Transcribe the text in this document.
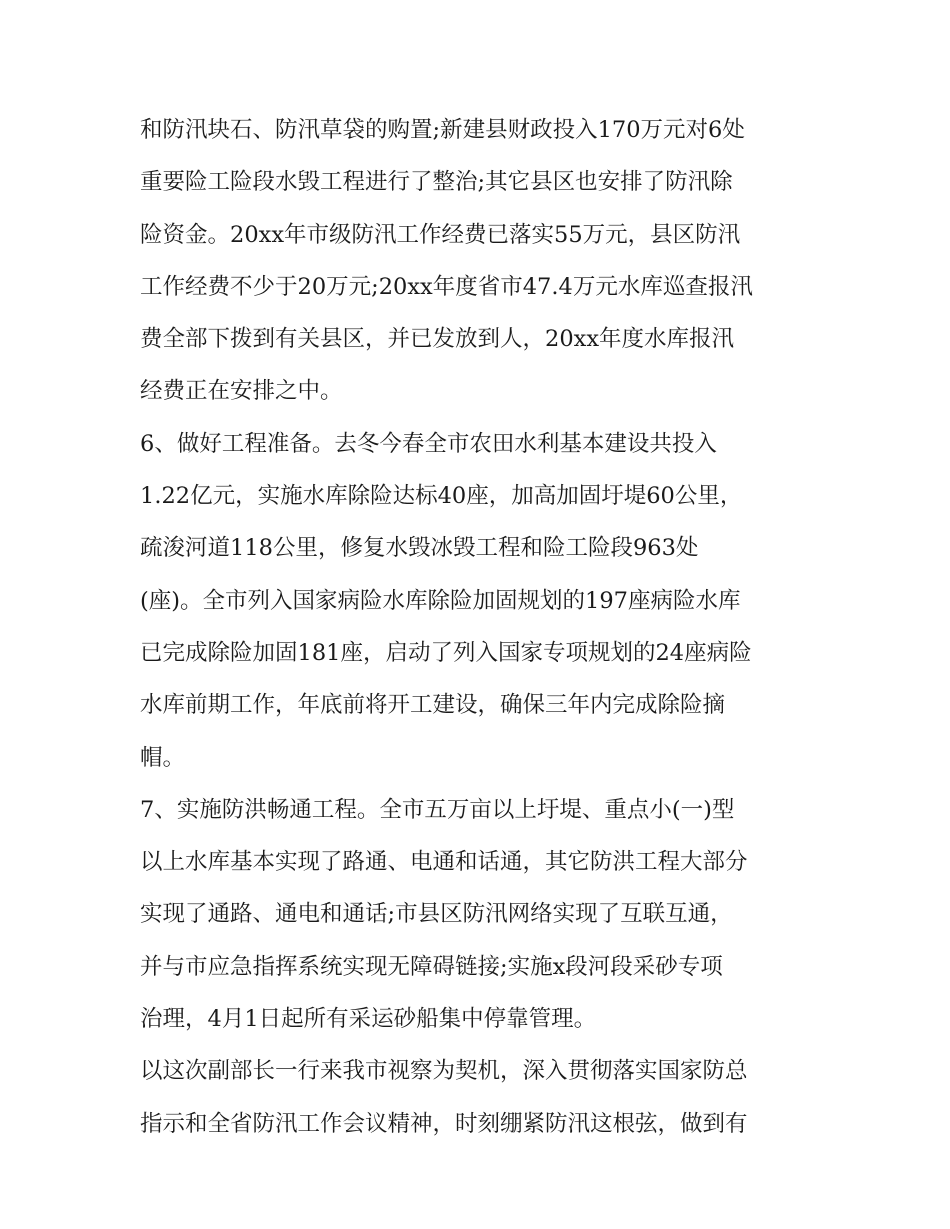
和防汛块石、防汛草袋的购置;新建县财政投入170万元对6处
重要险工险段水毁工程进行了整治;其它县区也安排了防汛除
险资金。20xx年市级防汛工作经费已落实55万元，县区防汛
工作经费不少于20万元;20xx年度省市47.4万元水库巡查报汛
费全部下拨到有关县区，并已发放到人，20xx年度水库报汛
经费正在安排之中。
6、做好工程准备。去冬今春全市农田水利基本建设共投入
1.22亿元，实施水库除险达标40座，加高加固圩堤60公里，
疏浚河道118公里，修复水毁冰毁工程和险工险段963处
(座)。全市列入国家病险水库除险加固规划的197座病险水库
已完成除险加固181座，启动了列入国家专项规划的24座病险
水库前期工作，年底前将开工建设，确保三年内完成除险摘
帽。
7、实施防洪畅通工程。全市五万亩以上圩堤、重点小(一)型
以上水库基本实现了路通、电通和话通，其它防洪工程大部分
实现了通路、通电和通话;市县区防汛网络实现了互联互通，
并与市应急指挥系统实现无障碍链接;实施x段河段采砂专项
治理，4月1日起所有采运砂船集中停靠管理。
以这次副部长一行来我市视察为契机，深入贯彻落实国家防总
指示和全省防汛工作会议精神，时刻绷紧防汛这根弦，做到有
